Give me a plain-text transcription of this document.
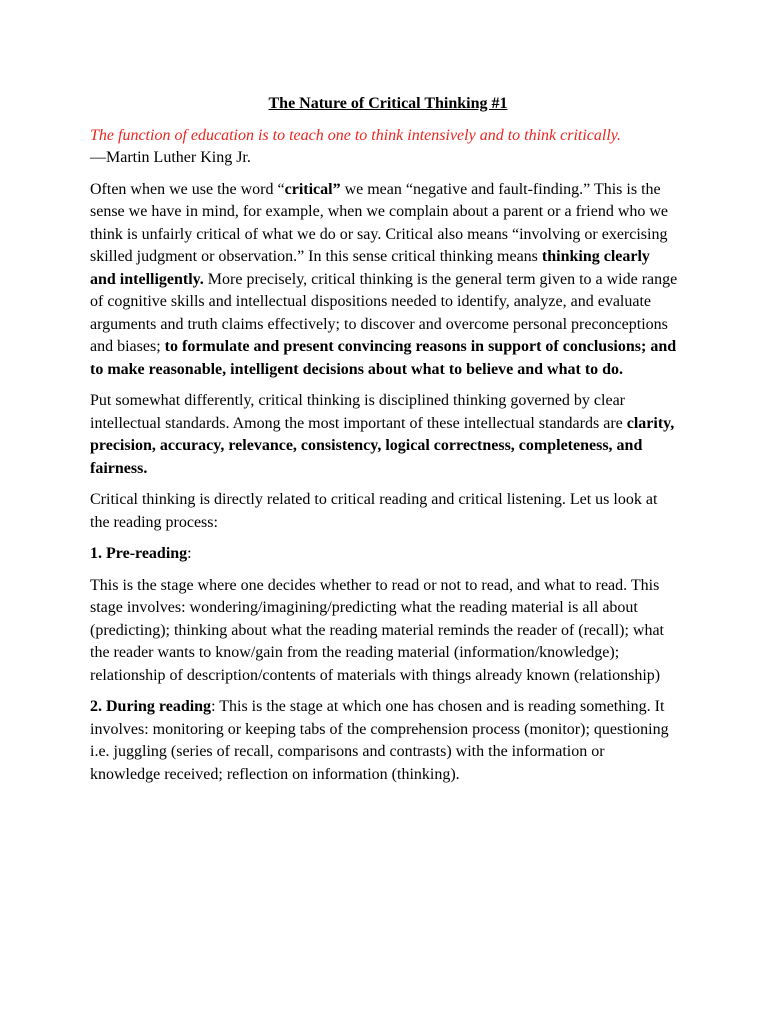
The Nature of Critical Thinking #1
The function of education is to teach one to think intensively and to think critically.
—Martin Luther King Jr.

Often when we use the word “critical” we mean “negative and fault-finding.” This is the sense we have in mind, for example, when we complain about a parent or a friend who we think is unfairly critical of what we do or say. Critical also means “involving or exercising skilled judgment or observation.” In this sense critical thinking means thinking clearly and intelligently. More precisely, critical thinking is the general term given to a wide range of cognitive skills and intellectual dispositions needed to identify, analyze, and evaluate arguments and truth claims effectively; to discover and overcome personal preconceptions and biases; to formulate and present convincing reasons in support of conclusions; and to make reasonable, intelligent decisions about what to believe and what to do.

Put somewhat differently, critical thinking is disciplined thinking governed by clear intellectual standards. Among the most important of these intellectual standards are clarity, precision, accuracy, relevance, consistency, logical correctness, completeness, and fairness.

Critical thinking is directly related to critical reading and critical listening. Let us look at the reading process:

1. Pre-reading:

This is the stage where one decides whether to read or not to read, and what to read. This stage involves: wondering/imagining/predicting what the reading material is all about (predicting); thinking about what the reading material reminds the reader of (recall); what the reader wants to know/gain from the reading material (information/knowledge); relationship of description/contents of materials with things already known (relationship)

2. During reading: This is the stage at which one has chosen and is reading something. It involves: monitoring or keeping tabs of the comprehension process (monitor); questioning i.e. juggling (series of recall, comparisons and contrasts) with the information or knowledge received; reflection on information (thinking).
